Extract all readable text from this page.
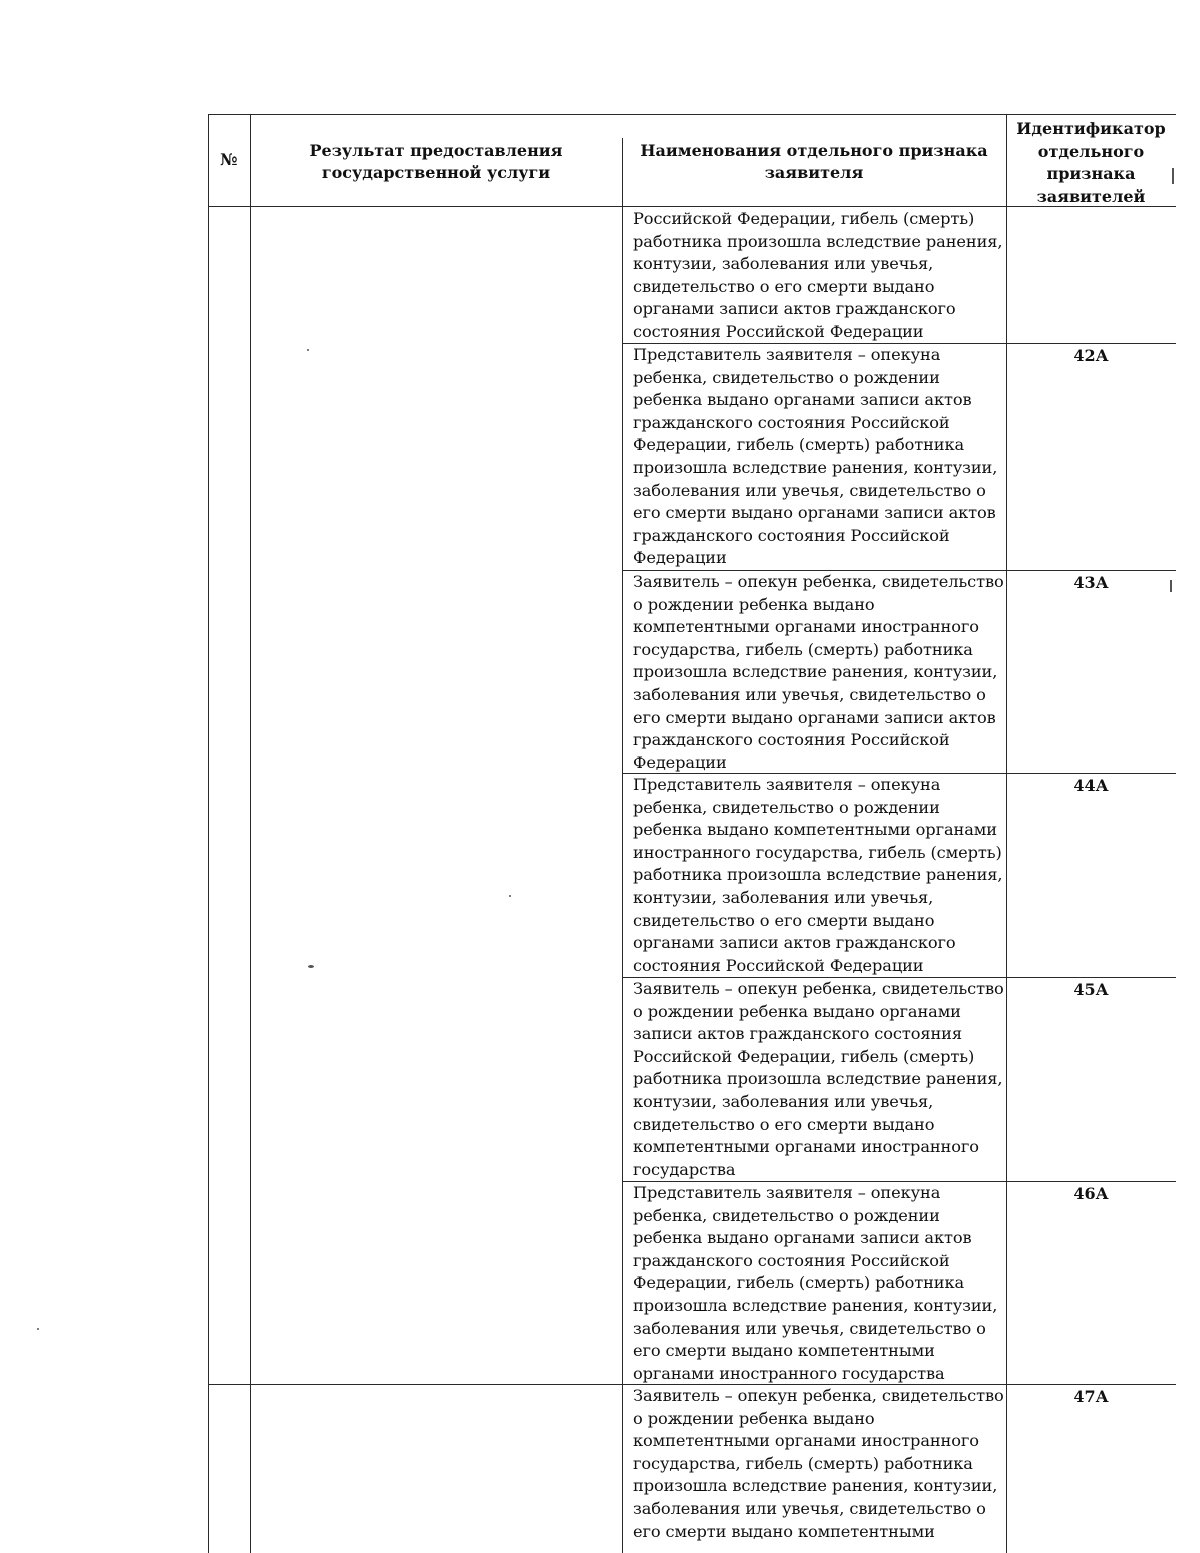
№	Результат предоставления
государственной услуги
Наименования отдельного признака
заявителя
Идентификатор
отдельного
признака
заявителей
Российской Федерации, гибель (смерть)
работника произошла вследствие ранения,
контузии, заболевания или увечья,
свидетельство о его смерти выдано
органами записи актов гражданского
состояния Российской Федерации
Представитель заявителя – опекуна
ребенка, свидетельство о рождении
ребенка выдано органами записи актов
гражданского состояния Российской
Федерации, гибель (смерть) работника
произошла вследствие ранения, контузии,
заболевания или увечья, свидетельство о
его смерти выдано органами записи актов
гражданского состояния Российской
Федерации
42А
Заявитель – опекун ребенка, свидетельство
о рождении ребенка выдано
компетентными органами иностранного
государства, гибель (смерть) работника
произошла вследствие ранения, контузии,
заболевания или увечья, свидетельство о
его смерти выдано органами записи актов
гражданского состояния Российской
Федерации
43А
Представитель заявителя – опекуна
ребенка, свидетельство о рождении
ребенка выдано компетентными органами
иностранного государства, гибель (смерть)
работника произошла вследствие ранения,
контузии, заболевания или увечья,
свидетельство о его смерти выдано
органами записи актов гражданского
состояния Российской Федерации
44А
Заявитель – опекун ребенка, свидетельство
о рождении ребенка выдано органами
записи актов гражданского состояния
Российской Федерации, гибель (смерть)
работника произошла вследствие ранения,
контузии, заболевания или увечья,
свидетельство о его смерти выдано
компетентными органами иностранного
государства
45А
Представитель заявителя – опекуна
ребенка, свидетельство о рождении
ребенка выдано органами записи актов
гражданского состояния Российской
Федерации, гибель (смерть) работника
произошла вследствие ранения, контузии,
заболевания или увечья, свидетельство о
его смерти выдано компетентными
органами иностранного государства
46А
Заявитель – опекун ребенка, свидетельство
о рождении ребенка выдано
компетентными органами иностранного
государства, гибель (смерть) работника
произошла вследствие ранения, контузии,
заболевания или увечья, свидетельство о
его смерти выдано компетентными
47А
